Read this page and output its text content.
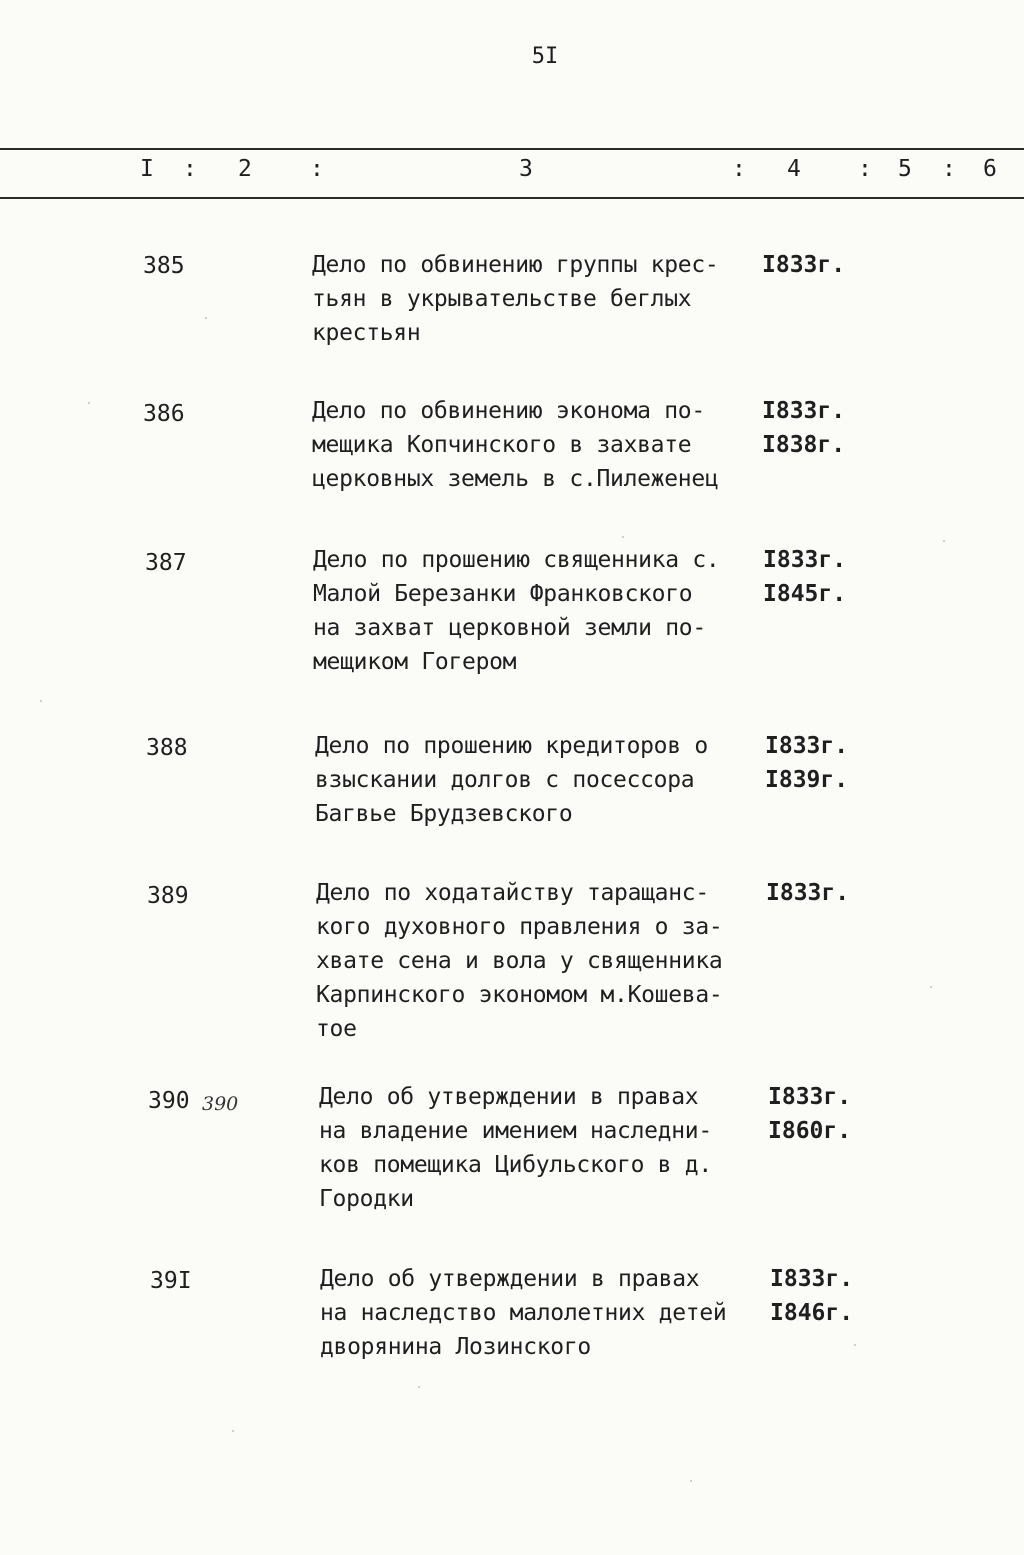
5I
I : 2	:	3	: 4 : 5 : 6
385	Дело по обвинению группы крес-
тьян в укрывательстве беглых
крестьян
I833г.
386	Дело по обвинению эконома по-
мещика Копчинского в захвате
церковных земель в с.Пилеженец
I833г.
I838г.
387	Дело по прошению священника с.
Малой Березанки Франковского
на захват церковной земли по-
мещиком Гогером
I833г.
I845г.
388	Дело по прошению кредиторов о
взыскании долгов с посессора
Багвье Брудзевского
I833г.
I839г.
389	Дело по ходатайству таращанс-
кого духовного правления о за-
хвате сена и вола у священника
Карпинского экономом м.Кошева-
тое
I833г.
390 390	Дело об утверждении в правах
на владение имением наследни-
ков помещика Цибульского в д.
Городки
I833г.
I860г.
39I	Дело об утверждении в правах
на наследство малолетних детей
дворянина Лозинского
I833г.
I846г.
